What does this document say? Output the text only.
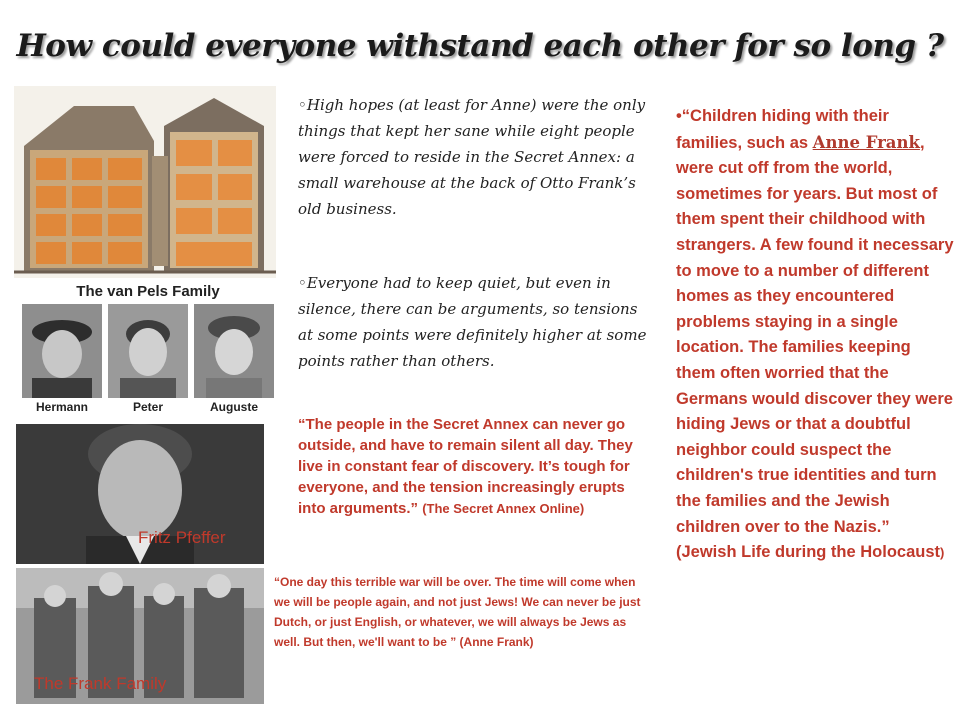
How could everyone withstand each other for so long ?
The van Pels Family
Hermann	Peter	Auguste
Fritz Pfeffer
The Frank Family
◦High hopes (at least for Anne) were the only things that kept her sane while eight people were forced to reside in the Secret Annex: a small warehouse at the back of Otto Frank’s old business.
◦Everyone had to keep quiet, but even in silence, there can be arguments, so tensions at some points were definitely higher at some points rather than others.
“The people in the Secret Annex can never go outside, and have to remain silent all day. They live in constant fear of discovery. It’s tough for everyone, and the tension increasingly erupts into arguments.” (The Secret Annex Online)
“One day this terrible war will be over. The time will come when we will be people again, and not just Jews! We can never be just Dutch, or just English, or whatever, we will always be Jews as well. But then, we'll want to be ” (Anne Frank)
•“Children hiding with their families, such as Anne Frank, were cut off from the world, sometimes for years. But most of them spent their childhood with strangers. A few found it necessary to move to a number of different homes as they encountered problems staying in a single location. The families keeping them often worried that the Germans would discover they were hiding Jews or that a doubtful neighbor could suspect the children's true identities and turn the families and the Jewish children over to the Nazis.” (Jewish Life during the Holocaust)
